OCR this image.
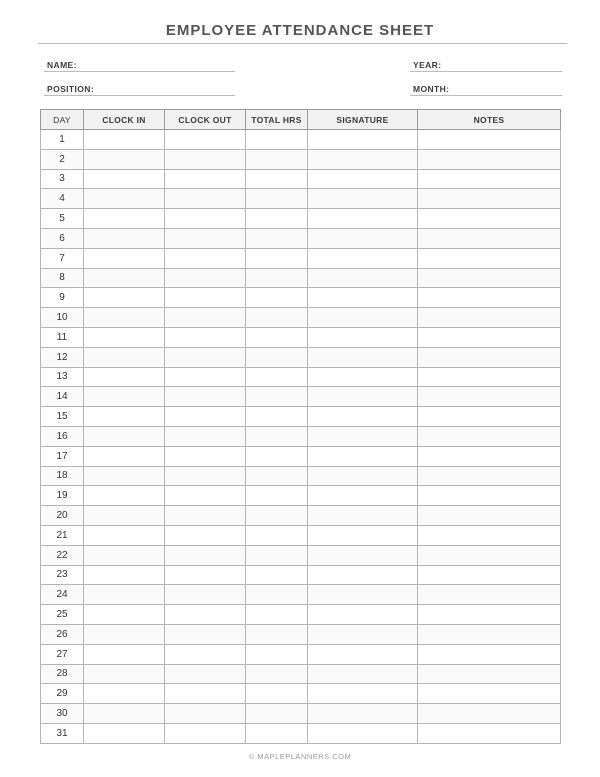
EMPLOYEE ATTENDANCE SHEET
NAME:	YEAR:
POSITION:	MONTH:
DAY	CLOCK IN	CLOCK OUT	TOTAL HRS	SIGNATURE	NOTES
1					
2					
3					
4					
5					
6					
7					
8					
9					
10					
11					
12					
13					
14					
15					
16					
17					
18					
19					
20					
21					
22					
23					
24					
25					
26					
27					
28					
29					
30					
31					
© MAPLEPLANNERS.COM
